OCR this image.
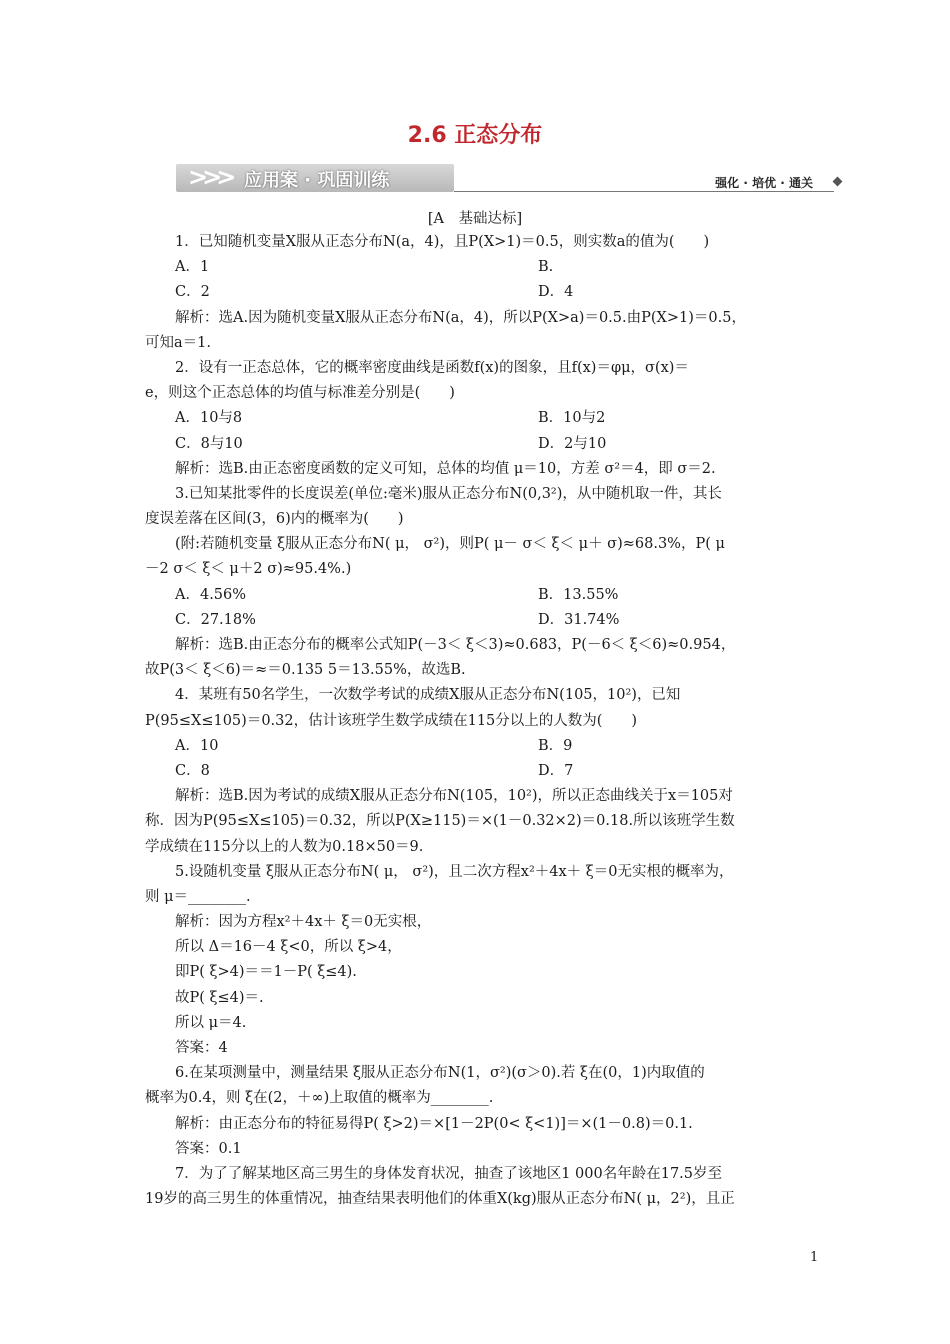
2.6 正态分布
>>> 应用案 · 巩固训练	强化 · 培优 · 通关
[A　基础达标]
1．已知随机变量X服从正态分布N(a，4)，且P(X>1)＝0.5，则实数a的值为(　　)
A．1	B.
C．2	D．4
解析：选A.因为随机变量X服从正态分布N(a，4)，所以P(X>a)＝0.5.由P(X>1)＝0.5，
可知a＝1.
2．设有一正态总体，它的概率密度曲线是函数f(x)的图象，且f(x)＝φμ，σ(x)＝
e，则这个正态总体的均值与标准差分别是(　　)
A．10与8	B．10与2
C．8与10	D．2与10
解析：选B.由正态密度函数的定义可知，总体的均值 μ＝10，方差 σ²＝4，即 σ＝2.
3.已知某批零件的长度误差(单位:毫米)服从正态分布N(0,3²)，从中随机取一件，其长
度误差落在区间(3，6)内的概率为(　　)
(附:若随机变量 ξ服从正态分布N( μ， σ²)，则P( μ－ σ＜ ξ＜ μ＋ σ)≈68.3%，P( μ
－2 σ＜ ξ＜ μ＋2 σ)≈95.4%.)
A．4.56%	B．13.55%
C．27.18%	D．31.74%
解析：选B.由正态分布的概率公式知P(－3＜ ξ＜3)≈0.683，P(－6＜ ξ＜6)≈0.954，
故P(3＜ ξ＜6)＝≈＝0.135 5＝13.55%，故选B.
4．某班有50名学生，一次数学考试的成绩X服从正态分布N(105，10²)，已知
P(95≤X≤105)＝0.32，估计该班学生数学成绩在115分以上的人数为(　　)
A．10	B．9
C．8	D．7
解析：选B.因为考试的成绩X服从正态分布N(105，10²)，所以正态曲线关于x＝105对
称．因为P(95≤X≤105)＝0.32，所以P(X≥115)＝×(1－0.32×2)＝0.18.所以该班学生数
学成绩在115分以上的人数为0.18×50＝9.
5.设随机变量 ξ服从正态分布N( μ， σ²)，且二次方程x²＋4x＋ ξ＝0无实根的概率为，
则 μ＝________.
解析：因为方程x²＋4x＋ ξ＝0无实根，
所以 Δ＝16－4 ξ<0，所以 ξ>4，
即P( ξ>4)＝＝1－P( ξ≤4).
故P( ξ≤4)＝.
所以 μ＝4.
答案：4
6.在某项测量中，测量结果 ξ服从正态分布N(1，σ²)(σ＞0).若 ξ在(0，1)内取值的
概率为0.4，则 ξ在(2，＋∞)上取值的概率为________.
解析：由正态分布的特征易得P( ξ>2)＝×[1－2P(0< ξ<1)]＝×(1－0.8)＝0.1.
答案：0.1
7．为了了解某地区高三男生的身体发育状况，抽查了该地区1 000名年龄在17.5岁至
19岁的高三男生的体重情况，抽查结果表明他们的体重X(kg)服从正态分布N( μ，2²)，且正
1
